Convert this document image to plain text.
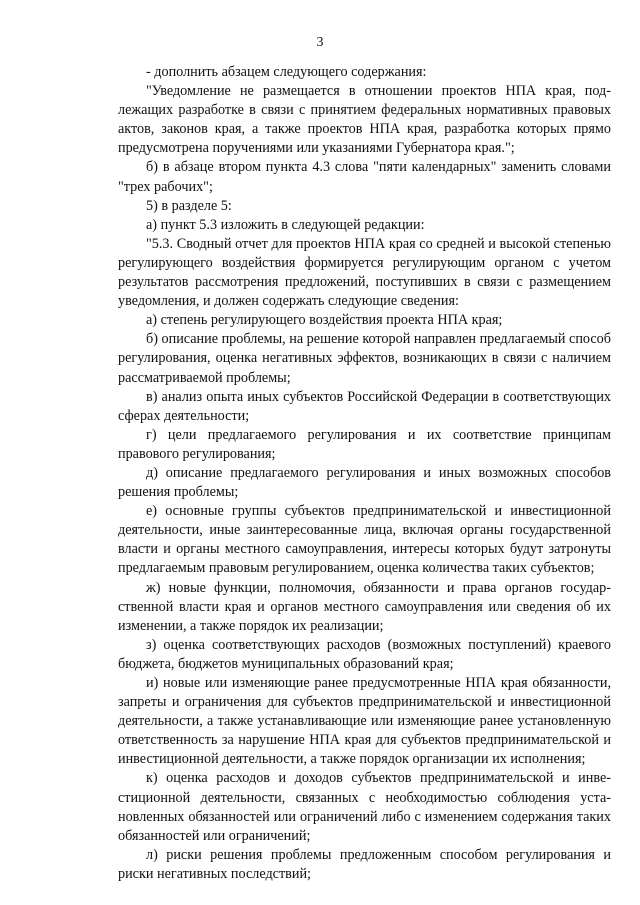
3

- дополнить абзацем следующего содержания:

"Уведомление не размещается в отношении проектов НПА края, подлежащих разработке в связи с принятием федеральных нормативных правовых актов, законов края, а также проектов НПА края, разработка которых прямо предусмотрена поручениями или указаниями Губернатора края.";

б) в абзаце втором пункта 4.3 слова "пяти календарных" заменить словами "трех рабочих";

5) в разделе 5:

а) пункт 5.3 изложить в следующей редакции:

"5.3. Сводный отчет для проектов НПА края со средней и высокой степенью регулирующего воздействия формируется регулирующим органом с учетом результатов рассмотрения предложений, поступивших в связи с размещением уведомления, и должен содержать следующие сведения:

а) степень регулирующего воздействия проекта НПА края;

б) описание проблемы, на решение которой направлен предлагаемый способ регулирования, оценка негативных эффектов, возникающих в связи с наличием рассматриваемой проблемы;

в) анализ опыта иных субъектов Российской Федерации в соответствующих сферах деятельности;

г) цели предлагаемого регулирования и их соответствие принципам правового регулирования;

д) описание предлагаемого регулирования и иных возможных способов решения проблемы;

е) основные группы субъектов предпринимательской и инвестиционной деятельности, иные заинтересованные лица, включая органы государственной власти и органы местного самоуправления, интересы которых будут затронуты предлагаемым правовым регулированием, оценка количества таких субъектов;

ж) новые функции, полномочия, обязанности и права органов государственной власти края и органов местного самоуправления или сведения об их изменении, а также порядок их реализации;

з) оценка соответствующих расходов (возможных поступлений) краевого бюджета, бюджетов муниципальных образований края;

и) новые или изменяющие ранее предусмотренные НПА края обязанности, запреты и ограничения для субъектов предпринимательской и инвестиционной деятельности, а также устанавливающие или изменяющие ранее установленную ответственность за нарушение НПА края для субъектов предпринимательской и инвестиционной деятельности, а также порядок организации их исполнения;

к) оценка расходов и доходов субъектов предпринимательской и инвестиционной деятельности, связанных с необходимостью соблюдения установленных обязанностей или ограничений либо с изменением содержания таких обязанностей или ограничений;

л) риски решения проблемы предложенным способом регулирования и риски негативных последствий;
